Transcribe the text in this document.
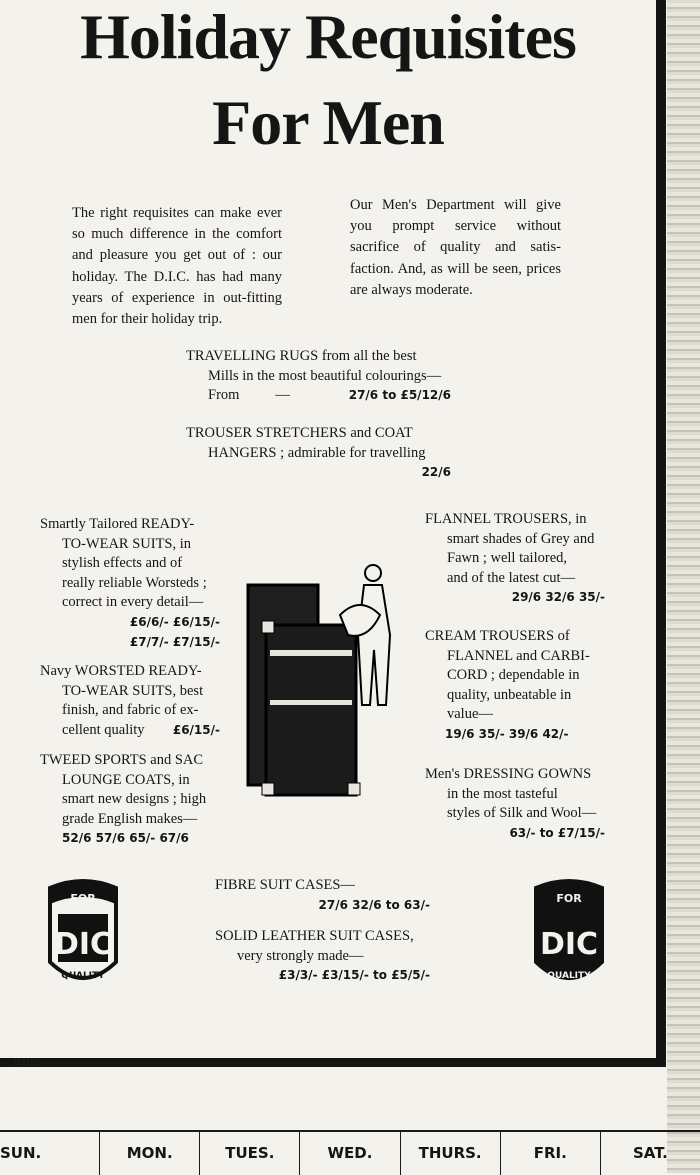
Holiday Requisites
For Men
The right requisites can make ever so much difference in the comfort and pleasure you get out of : our holiday. The D.I.C. has had many years of experience in out-fitting men for their holiday trip.
Our Men's Department will give you prompt service without sacrifice of quality and satis-faction. And, as will be seen, prices are always moderate.
TRAVELLING RUGS from all the best
Mills in the most beautiful colourings—
From —	27/6 to £5/12/6
TROUSER STRETCHERS and COAT
HANGERS ; admirable for travelling
22/6
Smartly Tailored READY-
TO-WEAR SUITS, in
stylish effects and of
really reliable Worsteds ;
correct in every detail—
£6/6/- £6/15/-
£7/7/- £7/15/-
Navy WORSTED READY-
TO-WEAR SUITS, best
finish, and fabric of ex-
cellent quality £6/15/-
TWEED SPORTS and SAC
LOUNGE COATS, in
smart new designs ; high
grade English makes—
52/6 57/6 65/- 67/6
FLANNEL TROUSERS, in
smart shades of Grey and
Fawn ; well tailored,
and of the latest cut—
29/6 32/6 35/-
CREAM TROUSERS of
FLANNEL and CARBI-
CORD ; dependable in
quality, unbeatable in
value—
19/6 35/- 39/6 42/-
Men's DRESSING GOWNS
in the most tasteful
styles of Silk and Wool—
63/- to £7/15/-
FIBRE SUIT CASES—
27/6 32/6 to 63/-
SOLID LEATHER SUIT CASES,
very strongly made—
£3/3/- £3/15/- to £5/5/-
FOR
DIC
QUALITY
FOR
DIC
QUALITY
D3187
SUN.	MON.	TUES.	WED.	THURS.	FRI.	SAT.
